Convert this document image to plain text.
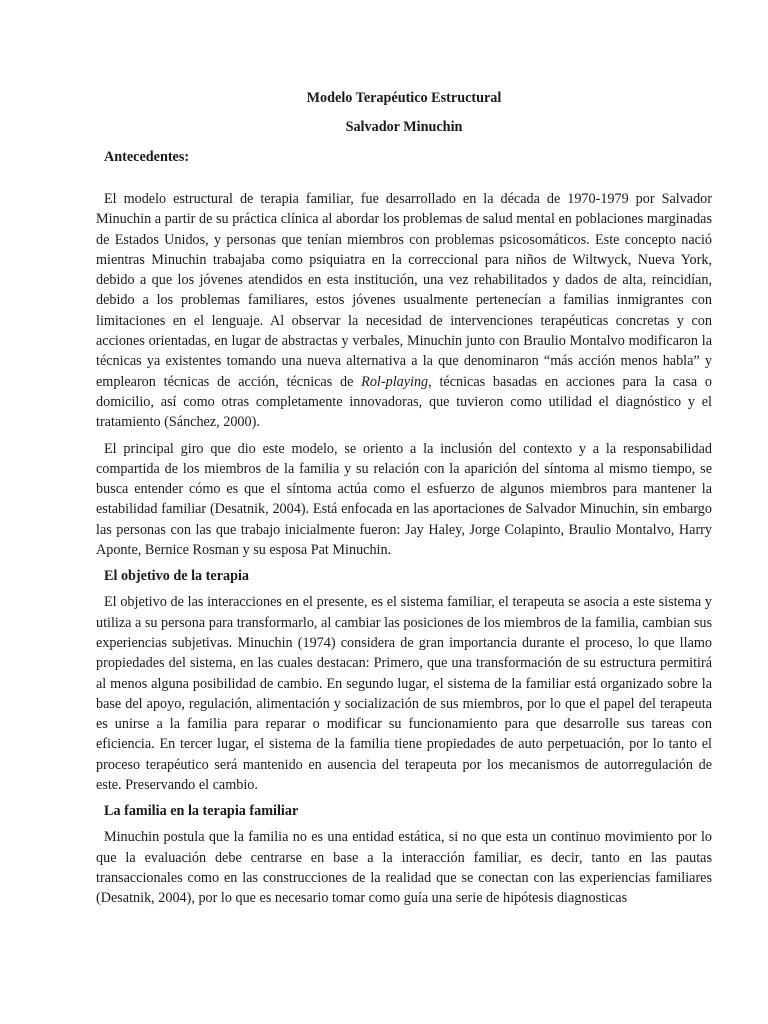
Modelo Terapéutico Estructural
Salvador Minuchin
Antecedentes:

El modelo estructural de terapia familiar, fue desarrollado en la década de 1970-1979 por Salvador Minuchin a partir de su práctica clínica al abordar los problemas de salud mental en poblaciones marginadas de Estados Unidos, y personas que tenían miembros con problemas psicosomáticos. Este concepto nació mientras Minuchin trabajaba como psiquiatra en la correccional para niños de Wiltwyck, Nueva York, debido a que los jóvenes atendidos en esta institución, una vez rehabilitados y dados de alta, reincidían, debido a los problemas familiares, estos jóvenes usualmente pertenecían a familias inmigrantes con limitaciones en el lenguaje. Al observar la necesidad de intervenciones terapéuticas concretas y con acciones orientadas, en lugar de abstractas y verbales, Minuchin junto con Braulio Montalvo modificaron la técnicas ya existentes tomando una nueva alternativa a la que denominaron “más acción menos habla” y emplearon técnicas de acción, técnicas de Rol-playing, técnicas basadas en acciones para la casa o domicilio, así como otras completamente innovadoras, que tuvieron como utilidad el diagnóstico y el tratamiento (Sánchez, 2000).

El principal giro que dio este modelo, se oriento a la inclusión del contexto y a la responsabilidad compartida de los miembros de la familia y su relación con la aparición del síntoma al mismo tiempo, se busca entender cómo es que el síntoma actúa como el esfuerzo de algunos miembros para mantener la estabilidad familiar (Desatnik, 2004). Está enfocada en las aportaciones de Salvador Minuchin, sin embargo las personas con las que trabajo inicialmente fueron: Jay Haley, Jorge Colapinto, Braulio Montalvo, Harry Aponte, Bernice Rosman y su esposa Pat Minuchin.

El objetivo de la terapia

El objetivo de las interacciones en el presente, es el sistema familiar, el terapeuta se asocia a este sistema y utiliza a su persona para transformarlo, al cambiar las posiciones de los miembros de la familia, cambian sus experiencias subjetivas. Minuchin (1974) considera de gran importancia durante el proceso, lo que llamo propiedades del sistema, en las cuales destacan: Primero, que una transformación de su estructura permitirá al menos alguna posibilidad de cambio. En segundo lugar, el sistema de la familiar está organizado sobre la base del apoyo, regulación, alimentación y socialización de sus miembros, por lo que el papel del terapeuta es unirse a la familia para reparar o modificar su funcionamiento para que desarrolle sus tareas con eficiencia. En tercer lugar, el sistema de la familia tiene propiedades de auto perpetuación, por lo tanto el proceso terapéutico será mantenido en ausencia del terapeuta por los mecanismos de autorregulación de este. Preservando el cambio.

La familia en la terapia familiar

Minuchin postula que la familia no es una entidad estática, si no que esta un continuo movimiento por lo que la evaluación debe centrarse en base a la interacción familiar, es decir, tanto en las pautas transaccionales como en las construcciones de la realidad que se conectan con las experiencias familiares (Desatnik, 2004), por lo que es necesario tomar como guía una serie de hipótesis diagnosticas
